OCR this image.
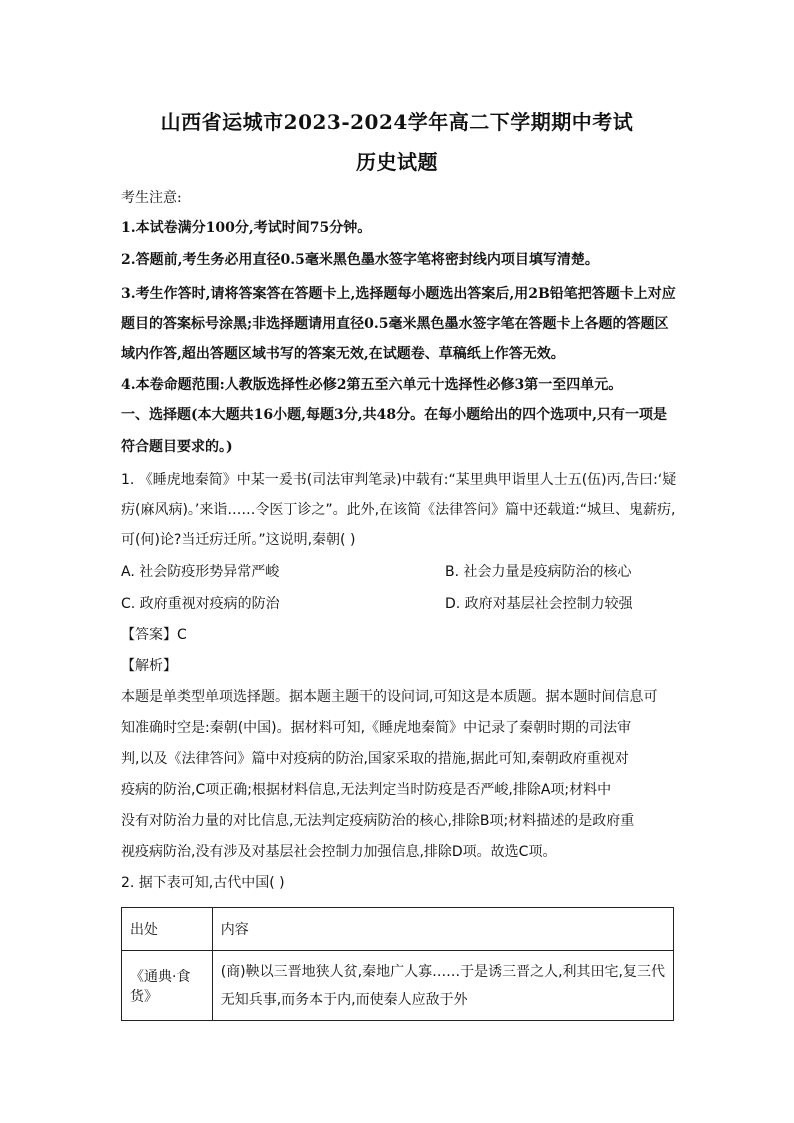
山西省运城市2023-2024学年高二下学期期中考试
历史试题
考生注意:
1.本试卷满分100分,考试时间75分钟。
2.答题前,考生务必用直径0.5毫米黑色墨水签字笔将密封线内项目填写清楚。
3.考生作答时,请将答案答在答题卡上,选择题每小题选出答案后,用2B铅笔把答题卡上对应
题目的答案标号涂黑;非选择题请用直径0.5毫米黑色墨水签字笔在答题卡上各题的答题区
域内作答,超出答题区域书写的答案无效,在试题卷、草稿纸上作答无效。
4.本卷命题范围:人教版选择性必修2第五至六单元十选择性必修3第一至四单元。
一、选择题(本大题共16小题,每题3分,共48分。在每小题给出的四个选项中,只有一项是
符合题目要求的。)
1. 《睡虎地秦简》中某一爰书(司法审判笔录)中载有:“某里典甲诣里人士五(伍)丙,告曰:‘疑
疠(麻风病)。’来诣……令医丁诊之”。此外,在该简《法律答问》篇中还载道:“城旦、鬼薪疠,
可(何)论?当迁疠迁所。”这说明,秦朝( )
A. 社会防疫形势异常严峻	B. 社会力量是疫病防治的核心
C. 政府重视对疫病的防治	D. 政府对基层社会控制力较强
【答案】C
【解析】
本题是单类型单项选择题。据本题主题干的设问词,可知这是本质题。据本题时间信息可
知准确时空是:秦朝(中国)。据材料可知,《睡虎地秦简》中记录了秦朝时期的司法审
判,以及《法律答问》篇中对疫病的防治,国家采取的措施,据此可知,秦朝政府重视对
疫病的防治,C项正确;根据材料信息,无法判定当时防疫是否严峻,排除A项;材料中
没有对防治力量的对比信息,无法判定疫病防治的核心,排除B项;材料描述的是政府重
视疫病防治,没有涉及对基层社会控制力加强信息,排除D项。故选C项。
2. 据下表可知,古代中国( )
出处	内容
《通典·食货》	(商)鞅以三晋地狭人贫,秦地广人寡……于是诱三晋之人,利其田宅,复三代
无知兵事,而务本于内,而使秦人应敌于外
